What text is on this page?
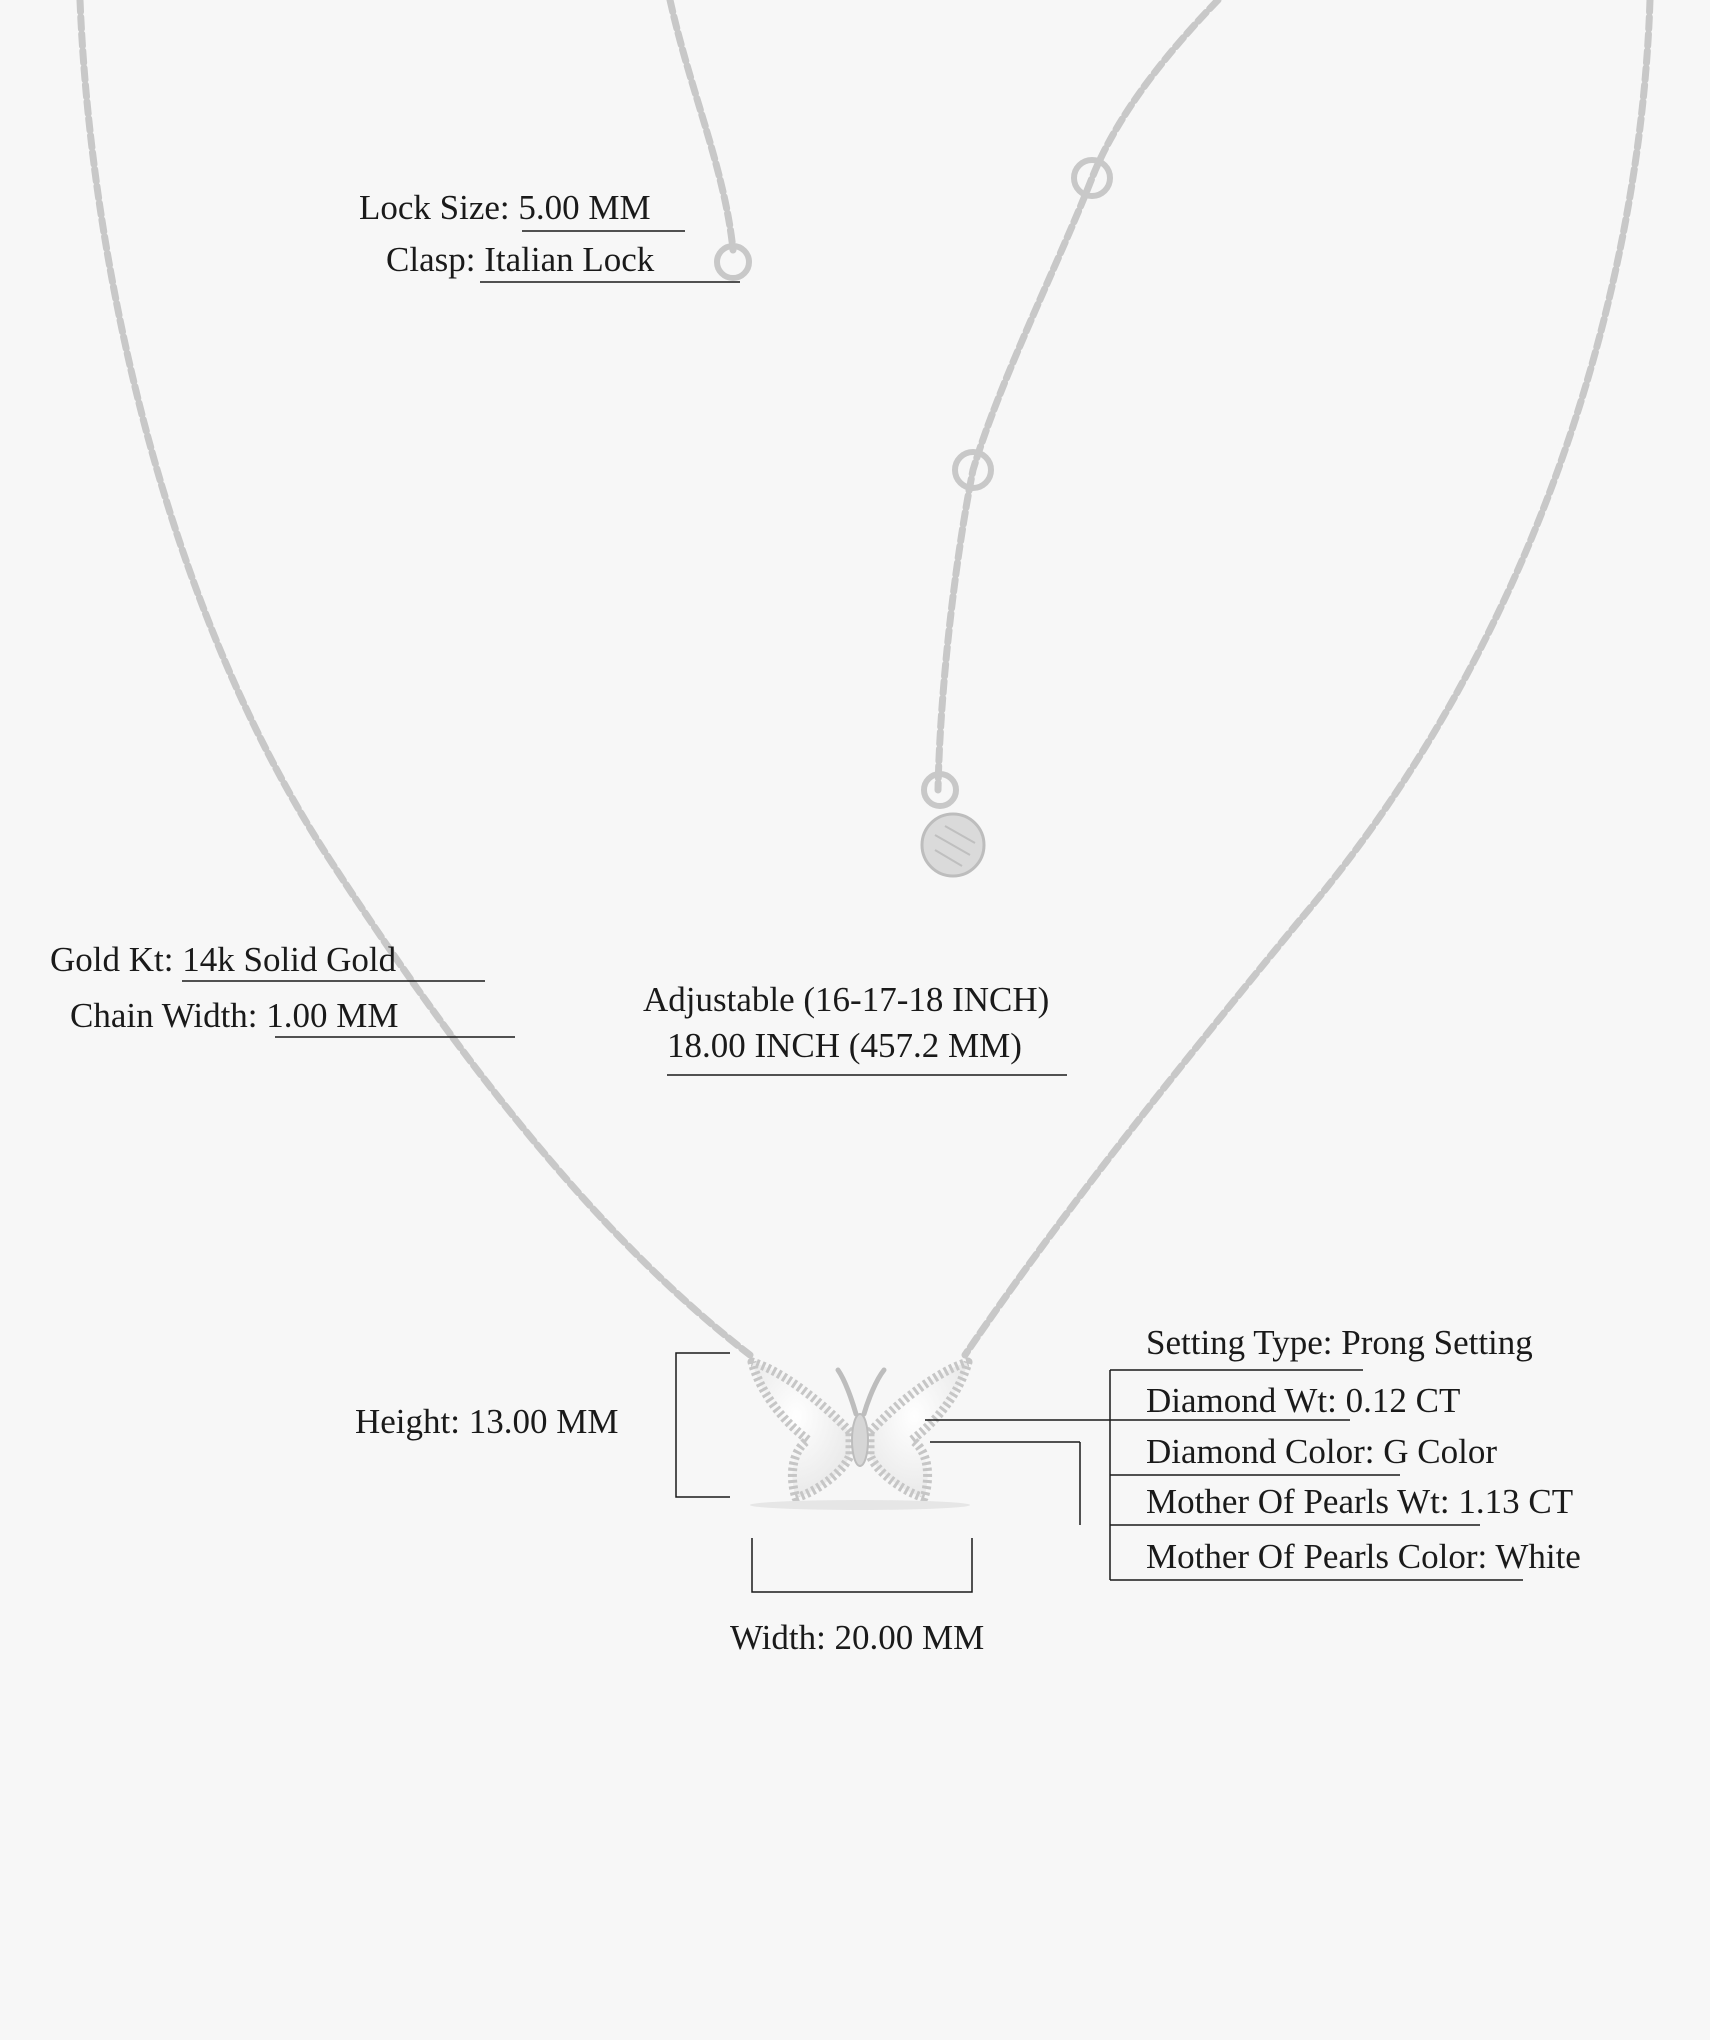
Lock Size: 5.00 MM
Clasp: Italian Lock
Gold Kt: 14k Solid Gold
Chain Width: 1.00 MM	Adjustable (16-17-18 INCH)
18.00 INCH (457.2 MM)
Height: 13.00 MM
Width: 20.00 MM
Setting Type: Prong Setting
Diamond Wt: 0.12 CT
Diamond Color: G Color
Mother Of Pearls Wt: 1.13 CT
Mother Of Pearls Color: White
